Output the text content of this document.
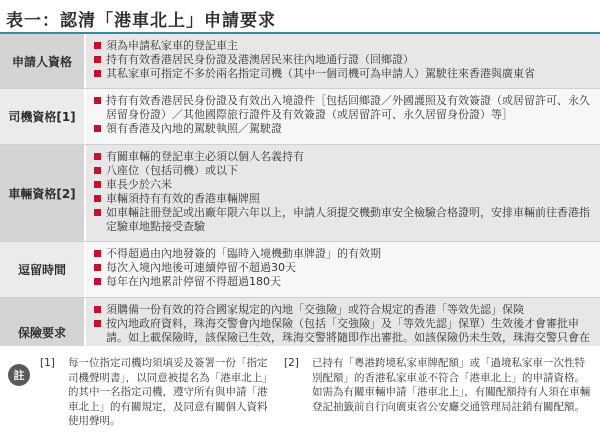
表一：認清「港車北上」申請要求
申請人資格
須為申請私家車的登記車主
持有有效香港居民身份證及港澳居民來往內地通行證（回鄉證）
其私家車可指定不多於兩名指定司機（其中一個司機可為申請人）駕駛往來香港與廣東省
司機資格[1]
持有有效香港居民身份證及有效出入境證件［包括回鄉證／外國護照及有效簽證（或居留許可、永久居留身份證）／其他國際旅行證件及有效簽證（或居留許可、永久居留身份證）等］
領有香港及內地的駕駛執照／駕駛證
車輛資格[2]
有關車輛的登記車主必須以個人名義持有
八座位（包括司機）或以下
車長少於六米
車輛須持有有效的香港車輛牌照
如車輛註冊登記或出廠年限六年以上，申請人須提交機動車安全檢驗合格證明，安排車輛前往香港指定驗車地點接受查驗
逗留時間
不得超過由內地發簽的「臨時入境機動車牌證」的有效期
每次入境內地後可連續停留不超過30天
每年在內地累計停留不得超過180天
保險要求
須購備一份有效的符合國家規定的內地「交強險」或符合規定的香港「等效先認」保険
按內地政府資料，珠海交警會內地保險（包括「交強險」及「等效先認」保單）生效後才會審批申請。如上載保險時，該保險已生效，珠海交警將隨即作出審批。如該保險仍未生效，珠海交警只會在
註
[1] 每一位指定司機均須填妥及簽署一份「指定司機聲明書」，以同意被提名為「港車北上」的其中一名指定司機，遵守所有與申請「港車北上」的有關規定，及同意有關個人資料使用聲明。
[2] 已持有「粵港跨境私家車牌配額」或「過境私家車一次性特別配額」的香港私家車並不符合「港車北上」的申請資格。如需為有關車輛申請「港車北上」，有關配額持有人須在車輛登記抽籤前自行向廣東省公安廳交通管理局註銷有關配額。
